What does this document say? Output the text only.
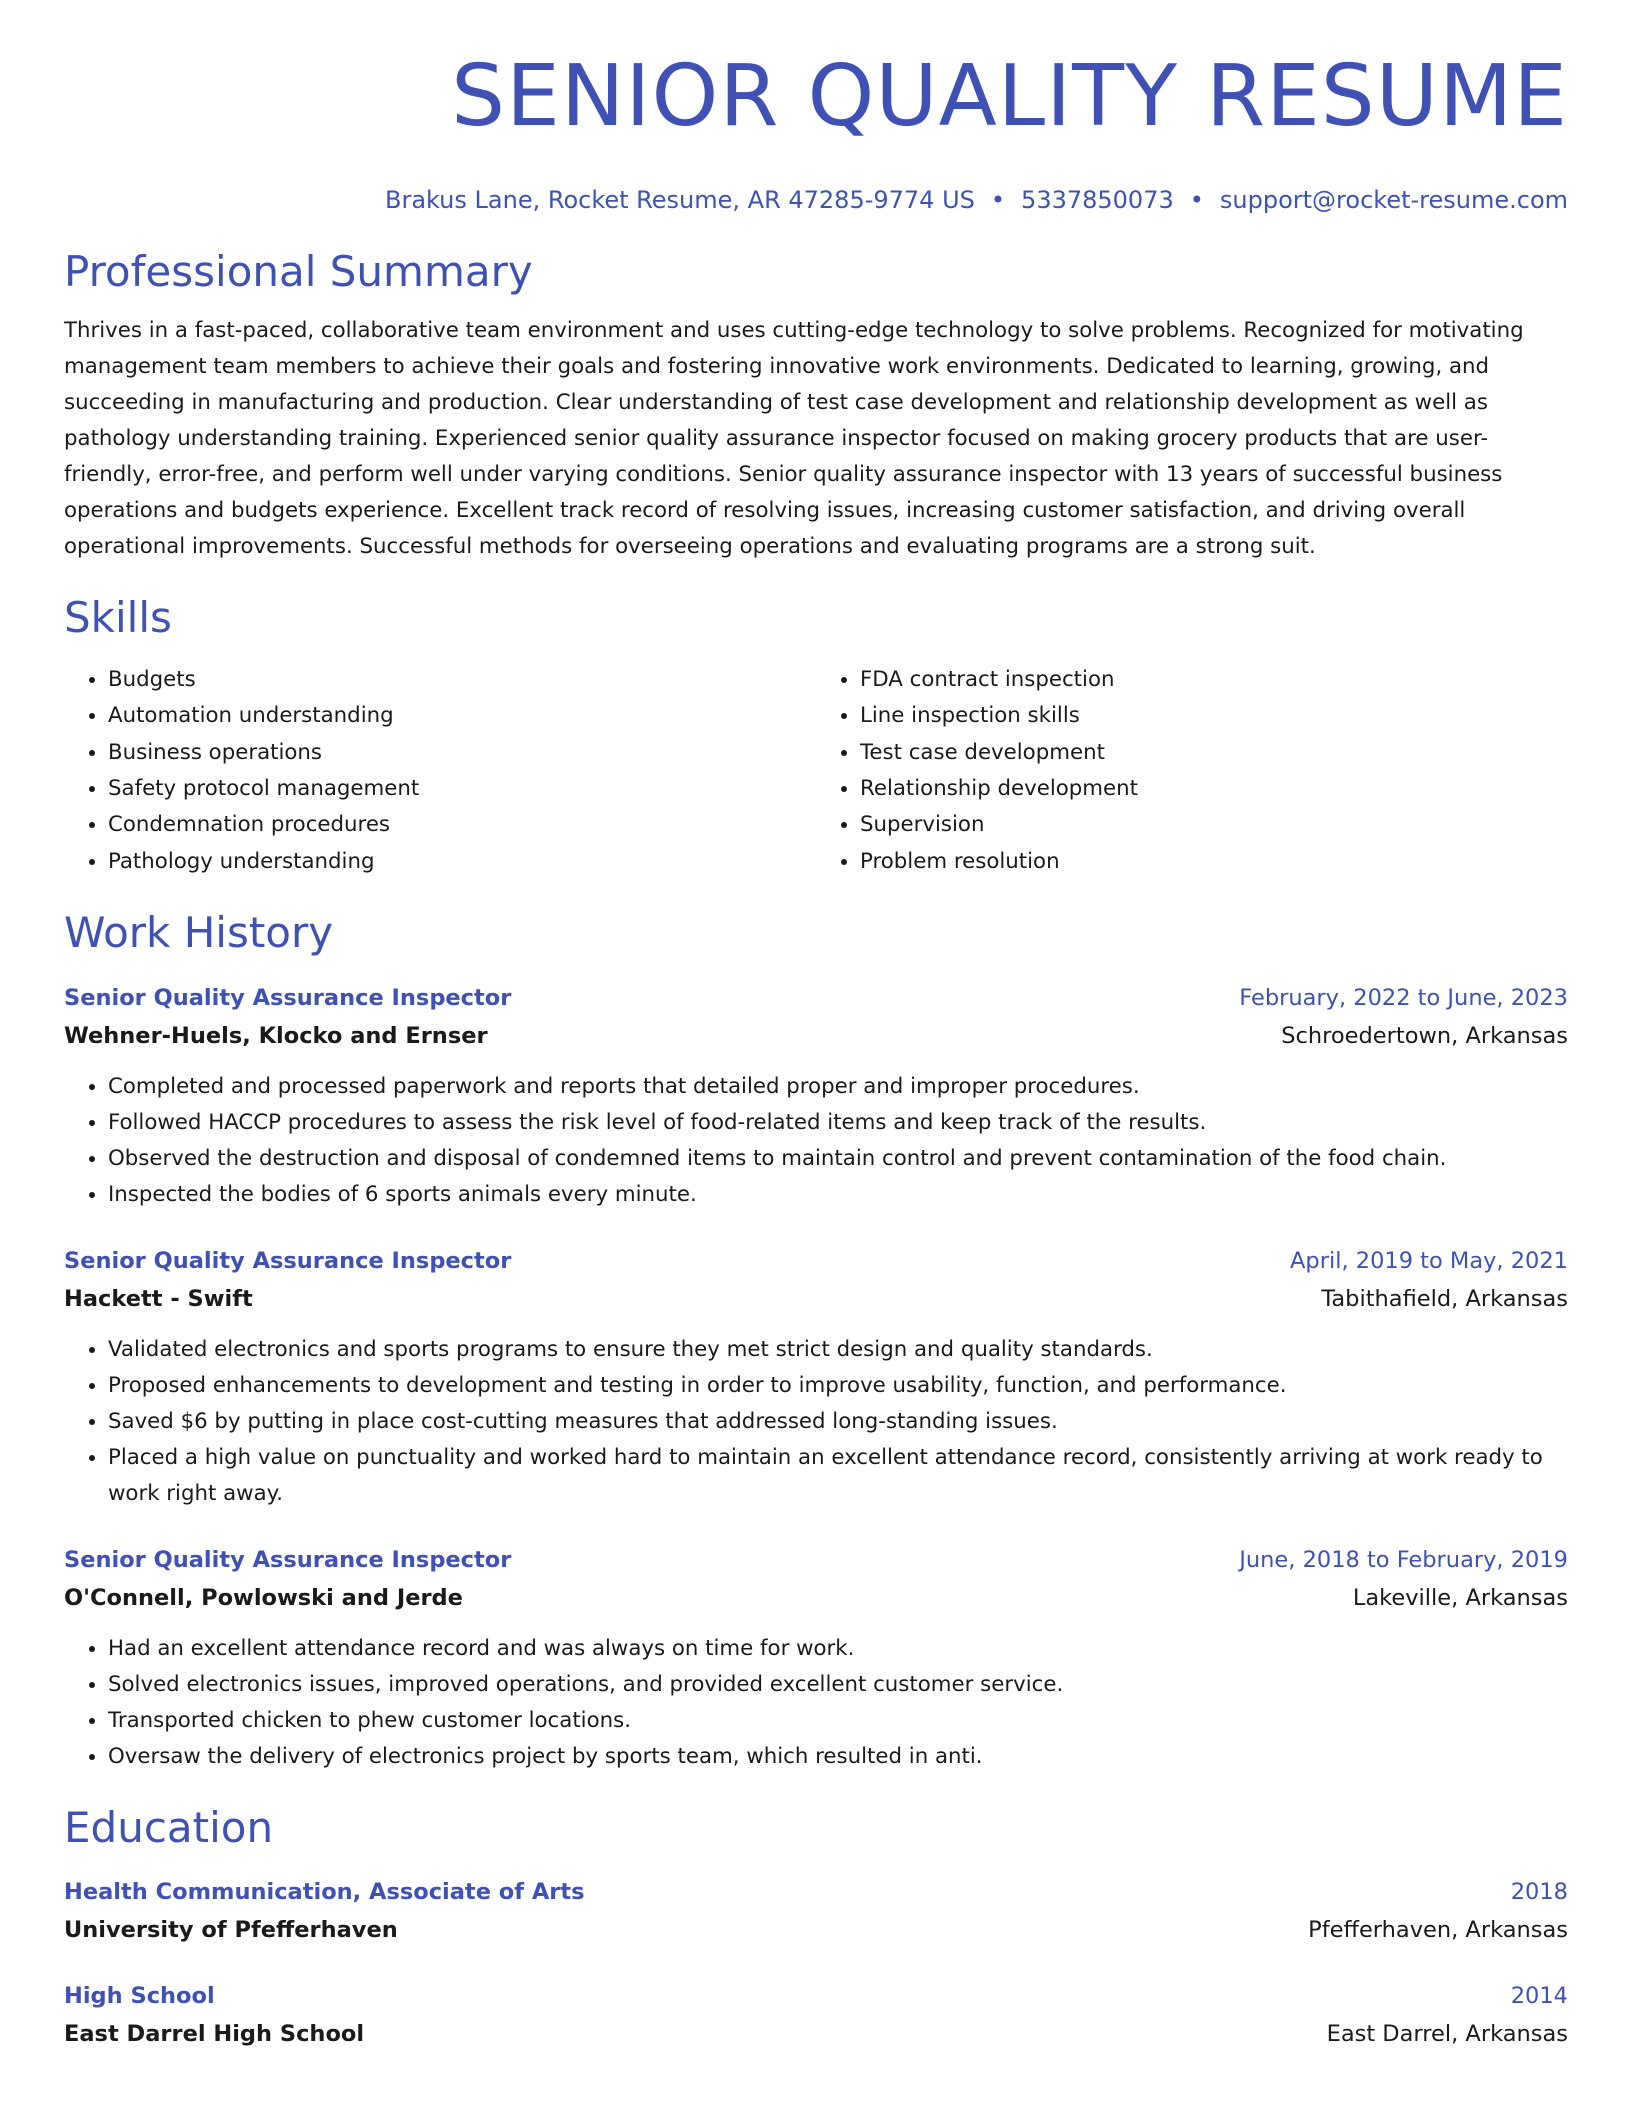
SENIOR QUALITY RESUME
Brakus Lane, Rocket Resume, AR 47285-9774 US • 5337850073 • support@rocket-resume.com
Professional Summary
Thrives in a fast-paced, collaborative team environment and uses cutting-edge technology to solve problems. Recognized for motivating management team members to achieve their goals and fostering innovative work environments. Dedicated to learning, growing, and succeeding in manufacturing and production. Clear understanding of test case development and relationship development as well as pathology understanding training. Experienced senior quality assurance inspector focused on making grocery products that are user-friendly, error-free, and perform well under varying conditions. Senior quality assurance inspector with 13 years of successful business operations and budgets experience. Excellent track record of resolving issues, increasing customer satisfaction, and driving overall operational improvements. Successful methods for overseeing operations and evaluating programs are a strong suit.
Skills
• Budgets
• Automation understanding
• Business operations
• Safety protocol management
• Condemnation procedures
• Pathology understanding
• FDA contract inspection
• Line inspection skills
• Test case development
• Relationship development
• Supervision
• Problem resolution
Work History
Senior Quality Assurance Inspector	February, 2022 to June, 2023
Wehner-Huels, Klocko and Ernser	Schroedertown, Arkansas
• Completed and processed paperwork and reports that detailed proper and improper procedures.
• Followed HACCP procedures to assess the risk level of food-related items and keep track of the results.
• Observed the destruction and disposal of condemned items to maintain control and prevent contamination of the food chain.
• Inspected the bodies of 6 sports animals every minute.
Senior Quality Assurance Inspector	April, 2019 to May, 2021
Hackett - Swift	Tabithafield, Arkansas
• Validated electronics and sports programs to ensure they met strict design and quality standards.
• Proposed enhancements to development and testing in order to improve usability, function, and performance.
• Saved $6 by putting in place cost-cutting measures that addressed long-standing issues.
• Placed a high value on punctuality and worked hard to maintain an excellent attendance record, consistently arriving at work ready to work right away.
Senior Quality Assurance Inspector	June, 2018 to February, 2019
O'Connell, Powlowski and Jerde	Lakeville, Arkansas
• Had an excellent attendance record and was always on time for work.
• Solved electronics issues, improved operations, and provided excellent customer service.
• Transported chicken to phew customer locations.
• Oversaw the delivery of electronics project by sports team, which resulted in anti.
Education
Health Communication, Associate of Arts	2018
University of Pfefferhaven	Pfefferhaven, Arkansas
High School	2014
East Darrel High School	East Darrel, Arkansas
